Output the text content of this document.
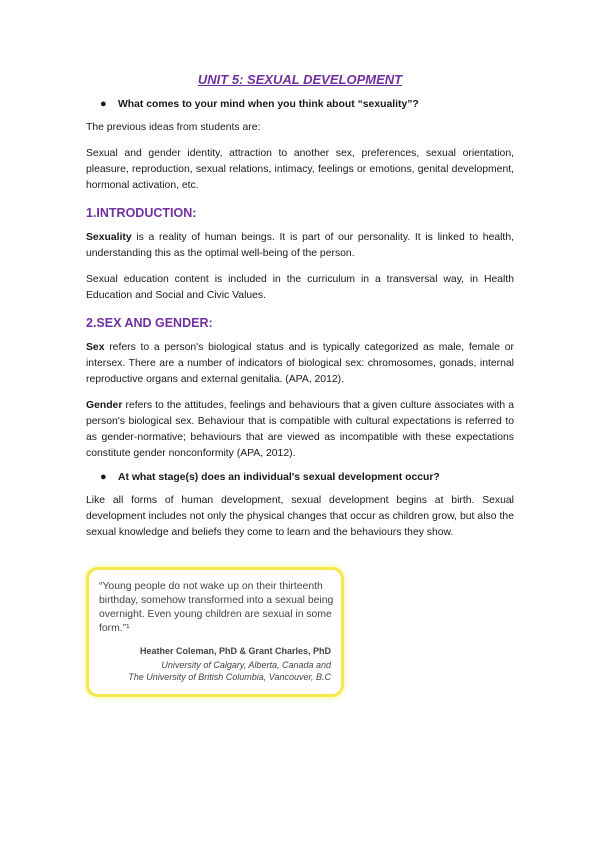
UNIT 5: SEXUAL DEVELOPMENT
● What comes to your mind when you think about “sexuality”?

The previous ideas from students are:

Sexual and gender identity, attraction to another sex, preferences, sexual orientation, pleasure, reproduction, sexual relations, intimacy, feelings or emotions, genital development, hormonal activation, etc.

1.INTRODUCTION:

Sexuality is a reality of human beings. It is part of our personality. It is linked to health, understanding this as the optimal well-being of the person.

Sexual education content is included in the curriculum in a transversal way, in Health Education and Social and Civic Values.

2.SEX AND GENDER:

Sex refers to a person's biological status and is typically categorized as male, female or intersex. There are a number of indicators of biological sex: chromosomes, gonads, internal reproductive organs and external genitalia. (APA, 2012).

Gender refers to the attitudes, feelings and behaviours that a given culture associates with a person's biological sex. Behaviour that is compatible with cultural expectations is referred to as gender-normative; behaviours that are viewed as incompatible with these expectations constitute gender nonconformity (APA, 2012).

● At what stage(s) does an individual's sexual development occur?

Like all forms of human development, sexual development begins at birth. Sexual development includes not only the physical changes that occur as children grow, but also the sexual knowledge and beliefs they come to learn and the behaviours they show.

“Young people do not wake up on their thirteenth birthday, somehow transformed into a sexual being overnight. Even young children are sexual in some form.”¹
Heather Coleman, PhD & Grant Charles, PhD
University of Calgary, Alberta, Canada and
The University of British Columbia, Vancouver, B.C
